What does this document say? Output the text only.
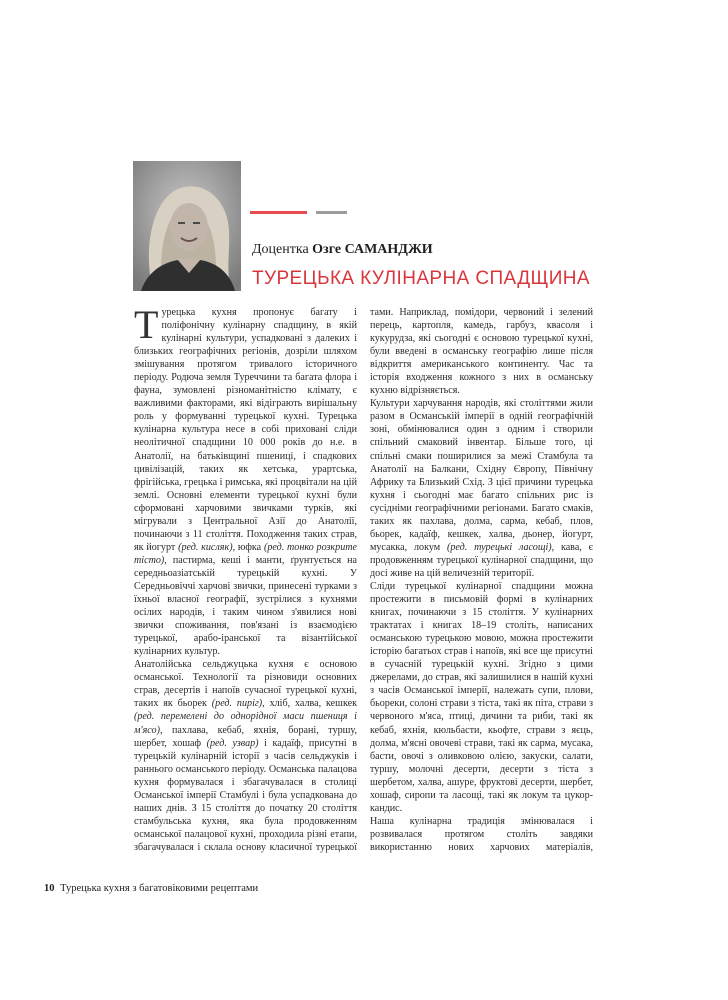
Доцентка Озге САМАНДЖИ
ТУРЕЦЬКА КУЛІНАРНА СПАДЩИНА

Турецька кухня пропонує багату і поліфонічну кулінарну спадщину, в якій кулінарні культури, успадковані з далеких і близьких географічних регіонів, дозріли шляхом змішування протягом тривалого історичного періоду. Родюча земля Туреччини та багата флора і фауна, зумовлені різноманітністю клімату, є важливими факторами, які відіграють вирішальну роль у формуванні турецької кухні. Турецька кулінарна культура несе в собі приховані сліди неолітичної спадщини 10 000 років до н.е. в Анатолії, на батьківщині пшениці, і спадкових цивілізацій, таких як хетська, урартська, фрігійська, грецька і римська, які процвітали на цій землі. Основні елементи турецької кухні були сформовані харчовими звичками турків, які мігрували з Центральної Азії до Анатолії, починаючи з 11 століття. Походження таких страв, як йогурт (ред. кисляк), юфка (ред. тонко розкрите тісто), пастирма, кеші і манти, ґрунтується на середньоазіатській турецькій кухні. У Середньовіччі харчові звички, принесені турками з їхньої власної географії, зустрілися з кухнями осілих народів, і таким чином з'явилися нові звички споживання, пов'язані із взаємодією турецької, арабо-іранської та візантійської кулінарних культур.

Анатолійська сельджуцька кухня є основою османської. Технології та різновиди основних страв, десертів і напоїв сучасної турецької кухні, таких як бьорек (ред. пиріг), хліб, халва, кешкек (ред. перемелені до однорідної маси пшениця і м'ясо), пахлава, кебаб, яхнія, борані, туршу, шербет, хошаф (ред. узвар) і кадаїф, присутні в турецькій кулінарній історії з часів сельджуків і раннього османського періоду. Османська палацова кухня формувалася і збагачувалася в столиці Османської імперії Стамбулі і була успадкована до наших днів. З 15 століття до початку 20 століття стамбульська кухня, яка була продовженням османської палацової кухні, проходила різні етапи, збагачувалася і склала основу класичної турецької

тами. Наприклад, помідори, червоний і зелений перець, картопля, камедь, гарбуз, квасоля і кукурудза, які сьогодні є основою турецької кухні, були введені в османську географію лише після відкриття американського континенту. Час та історія входження кожного з них в османську кухню відрізняється.

Культури харчування народів, які століттями жили разом в Османській імперії в одній географічній зоні, обмінювалися один з одним і створили спільний смаковий інвентар. Більше того, ці спільні смаки поширилися за межі Стамбула та Анатолії на Балкани, Східну Європу, Північну Африку та Близький Схід. З цієї причини турецька кухня і сьогодні має багато спільних рис із сусідніми географічними регіонами. Багато смаків, таких як пахлава, долма, сарма, кебаб, плов, бьорек, кадаїф, кешкек, халва, дьонер, йогурт, мусакка, локум (ред. турецькі ласощі), кава, є продовженням турецької кулінарної спадщини, що досі живе на цій величезній території.

Сліди турецької кулінарної спадщини можна простежити в письмовій формі в кулінарних книгах, починаючи з 15 століття. У кулінарних трактатах і книгах 18–19 століть, написаних османською турецькою мовою, можна простежити історію багатьох страв і напоїв, які все ще присутні в сучасній турецькій кухні. Згідно з цими джерелами, до страв, які залишилися в нашій кухні з часів Османської імперії, належать супи, плови, бьореки, солоні страви з тіста, такі як піта, страви з червоного м'яса, птиці, дичини та риби, такі як кебаб, яхнія, кюльбасти, кьофте, страви з яєць, долма, м'ясні овочеві страви, такі як сарма, мусака, басти, овочі з оливковою олією, закуски, салати, туршу, молочні десерти, десерти з тіста з шербетом, халва, ашуре, фруктові десерти, шербет, хошаф, сиропи та ласощі, такі як локум та цукор-кандис.

Наша кулінарна традиція змінювалася і розвивалася протягом століть завдяки використанню нових харчових матеріалів,

10 Турецька кухня з багатовіковими рецептами
